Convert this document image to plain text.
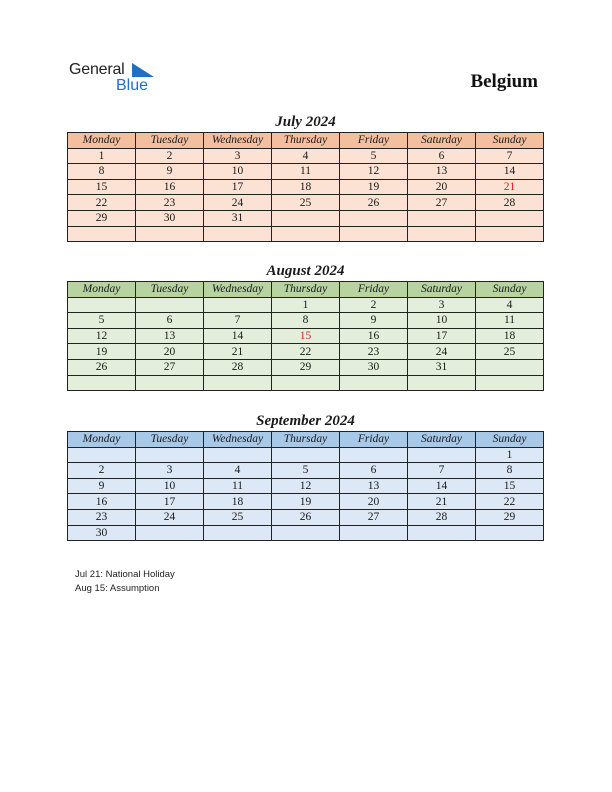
General
Blue	Belgium
July 2024
Monday	Tuesday	Wednesday	Thursday	Friday	Saturday	Sunday
1	2	3	4	5	6	7
8	9	10	11	12	13	14
15	16	17	18	19	20	21
22	23	24	25	26	27	28
29	30	31				

August 2024
Monday	Tuesday	Wednesday	Thursday	Friday	Saturday	Sunday
			1	2	3	4
5	6	7	8	9	10	11
12	13	14	15	16	17	18
19	20	21	22	23	24	25
26	27	28	29	30	31	

September 2024
Monday	Tuesday	Wednesday	Thursday	Friday	Saturday	Sunday
						1
2	3	4	5	6	7	8
9	10	11	12	13	14	15
16	17	18	19	20	21	22
23	24	25	26	27	28	29
30						
Jul 21: National Holiday
Aug 15: Assumption
